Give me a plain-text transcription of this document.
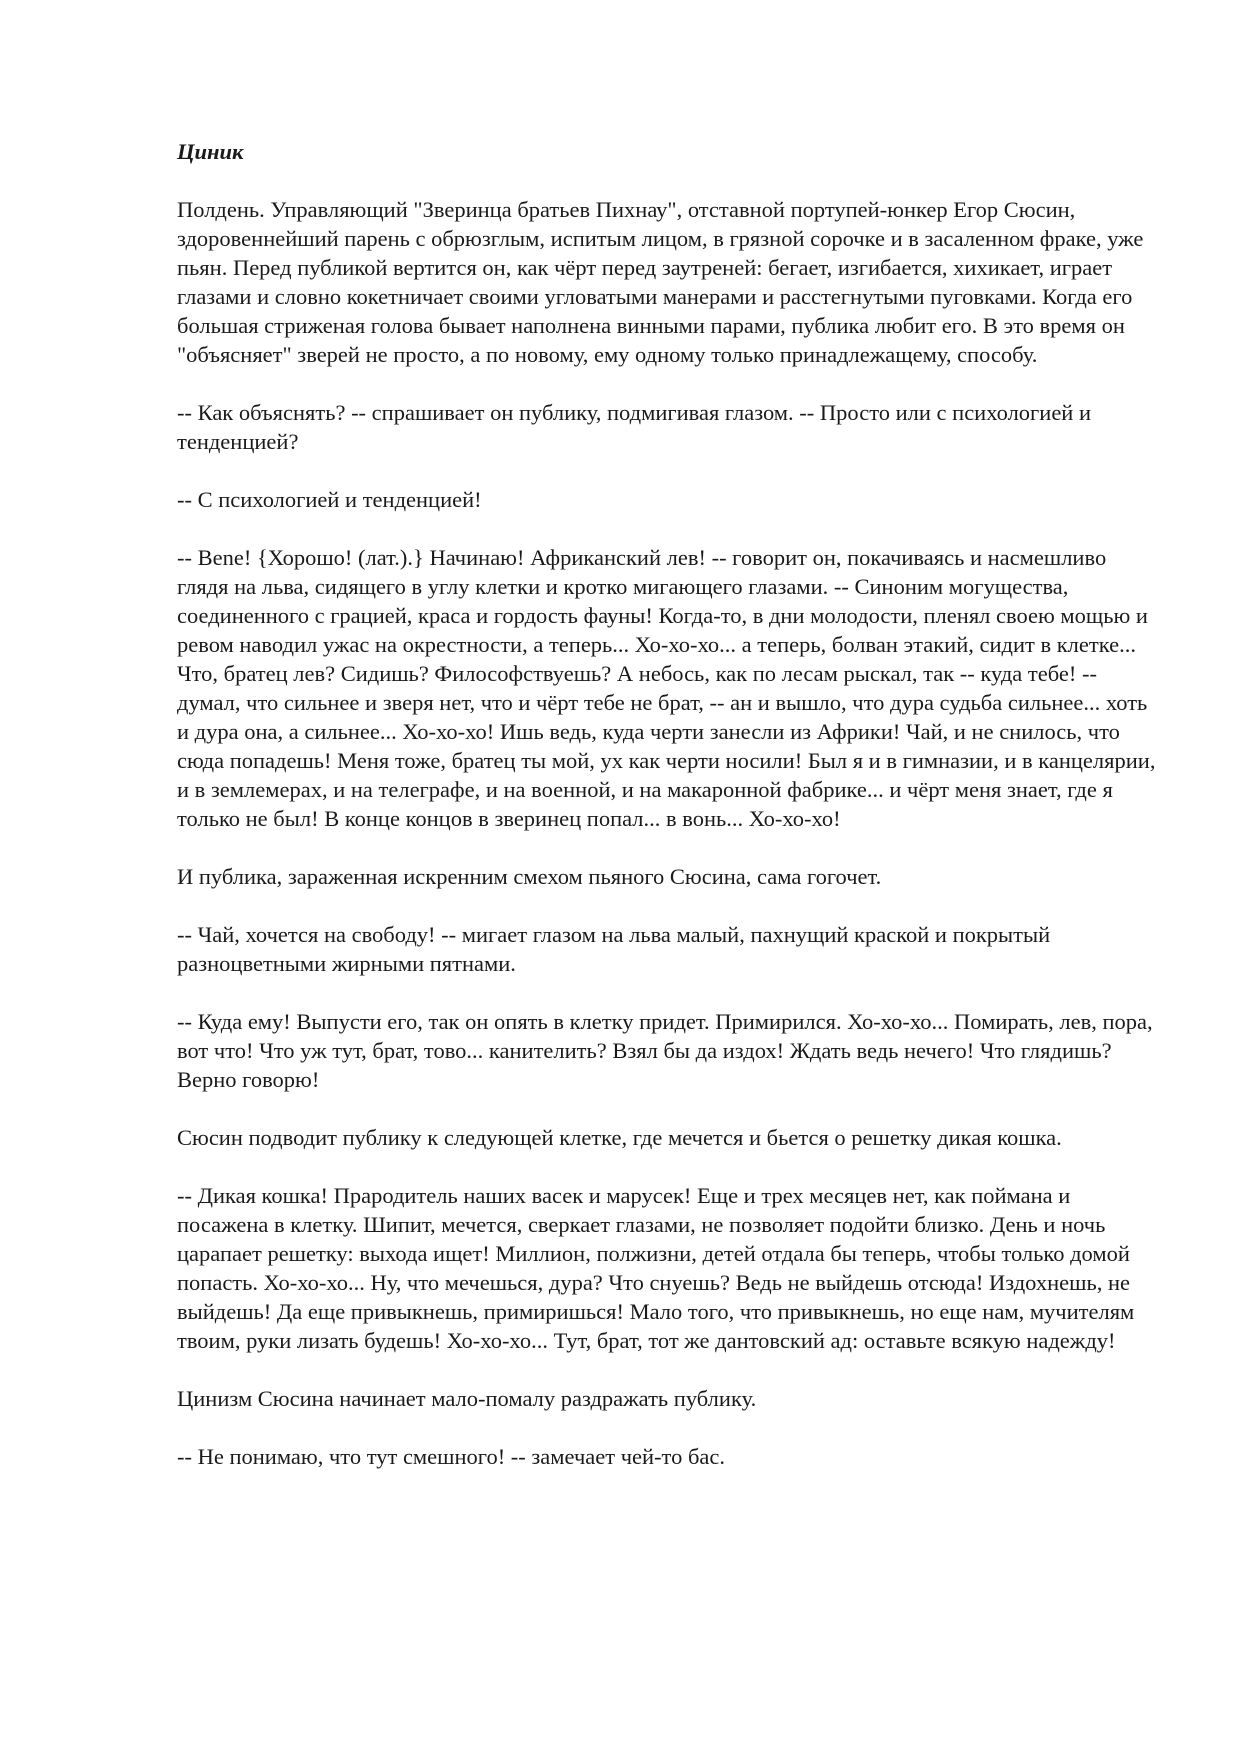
Циник
Полдень. Управляющий "Зверинца братьев Пихнау", отставной портупей-юнкер Егор Сюсин, здоровеннейший парень с обрюзглым, испитым лицом, в грязной сорочке и в засаленном фраке, уже пьян. Перед публикой вертится он, как чёрт перед заутреней: бегает, изгибается, хихикает, играет глазами и словно кокетничает своими угловатыми манерами и расстегнутыми пуговками. Когда его большая стриженая голова бывает наполнена винными парами, публика любит его. В это время он "объясняет" зверей не просто, а по новому, ему одному только принадлежащему, способу.
-- Как объяснять? -- спрашивает он публику, подмигивая глазом. -- Просто или с психологией и тенденцией?
-- С психологией и тенденцией!
-- Bene! {Хорошо! (лат.).} Начинаю! Африканский лев! -- говорит он, покачиваясь и насмешливо глядя на льва, сидящего в углу клетки и кротко мигающего глазами. -- Синоним могущества, соединенного с грацией, краса и гордость фауны! Когда-то, в дни молодости, пленял своею мощью и ревом наводил ужас на окрестности, а теперь... Хо-хо-хо... а теперь, болван этакий, сидит в клетке... Что, братец лев? Сидишь? Философствуешь? А небось, как по лесам рыскал, так -- куда тебе! -- думал, что сильнее и зверя нет, что и чёрт тебе не брат, -- ан и вышло, что дура судьба сильнее... хоть и дура она, а сильнее... Хо-хо-хо! Ишь ведь, куда черти занесли из Африки! Чай, и не снилось, что сюда попадешь! Меня тоже, братец ты мой, ух как черти носили! Был я и в гимназии, и в канцелярии, и в землемерах, и на телеграфе, и на военной, и на макаронной фабрике... и чёрт меня знает, где я только не был! В конце концов в зверинец попал... в вонь... Хо-хо-хо!
И публика, зараженная искренним смехом пьяного Сюсина, сама гогочет.
-- Чай, хочется на свободу! -- мигает глазом на льва малый, пахнущий краской и покрытый разноцветными жирными пятнами.
-- Куда ему! Выпусти его, так он опять в клетку придет. Примирился. Хо-хо-хо... Помирать, лев, пора, вот что! Что уж тут, брат, тово... канителить? Взял бы да издох! Ждать ведь нечего! Что глядишь? Верно говорю!
Сюсин подводит публику к следующей клетке, где мечется и бьется о решетку дикая кошка.
-- Дикая кошка! Прародитель наших васек и марусек! Еще и трех месяцев нет, как поймана и посажена в клетку. Шипит, мечется, сверкает глазами, не позволяет подойти близко. День и ночь царапает решетку: выхода ищет! Миллион, полжизни, детей отдала бы теперь, чтобы только домой попасть. Хо-хо-хо... Ну, что мечешься, дура? Что снуешь? Ведь не выйдешь отсюда! Издохнешь, не выйдешь! Да еще привыкнешь, примиришься! Мало того, что привыкнешь, но еще нам, мучителям твоим, руки лизать будешь! Хо-хо-хо... Тут, брат, тот же дантовский ад: оставьте всякую надежду!
Цинизм Сюсина начинает мало-помалу раздражать публику.
-- Не понимаю, что тут смешного! -- замечает чей-то бас.
